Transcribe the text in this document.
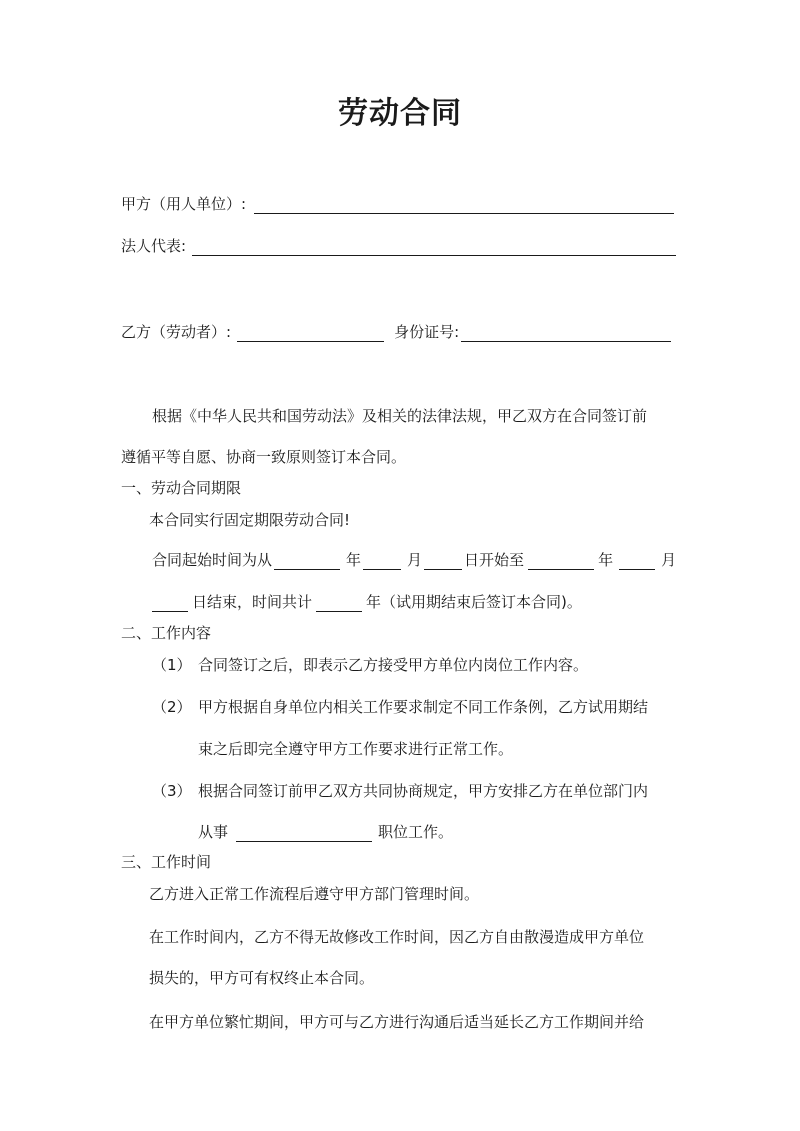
劳动合同
甲方（用人单位）:
法人代表:
乙方（劳动者）:	身份证号:
根据《中华人民共和国劳动法》及相关的法律法规，甲乙双方在合同签订前
遵循平等自愿、协商一致原则签订本合同。
一、劳动合同期限
本合同实行固定期限劳动合同!
合同起始时间为从	年	月	日开始至	年	月
日结束，时间共计	年（试用期结束后签订本合同)。
二、工作内容
（1） 合同签订之后，即表示乙方接受甲方单位内岗位工作内容。
（2） 甲方根据自身单位内相关工作要求制定不同工作条例，乙方试用期结
束之后即完全遵守甲方工作要求进行正常工作。
（3） 根据合同签订前甲乙双方共同协商规定，甲方安排乙方在单位部门内
从事	职位工作。
三、工作时间
乙方进入正常工作流程后遵守甲方部门管理时间。
在工作时间内，乙方不得无故修改工作时间，因乙方自由散漫造成甲方单位
损失的，甲方可有权终止本合同。
在甲方单位繁忙期间，甲方可与乙方进行沟通后适当延长乙方工作期间并给
